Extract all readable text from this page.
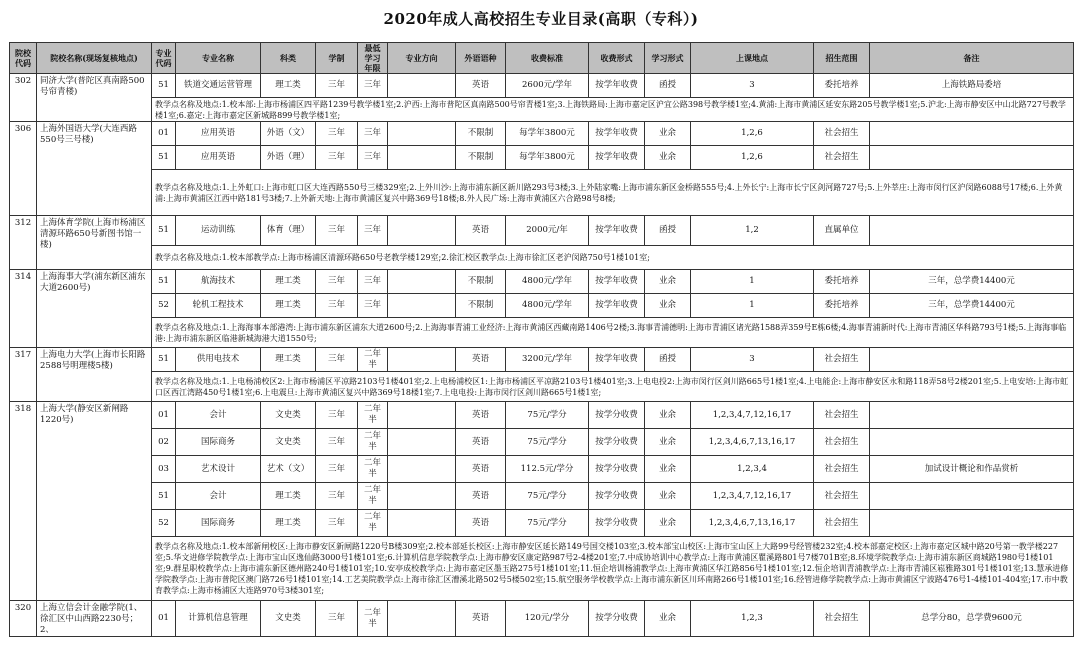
2020年成人高校招生专业目录(高职（专科）)
院校代码	院校名称(现场复核地点)	专业代码	专业名称	科类	学制	最低学习年限	专业方向	外语语种	收费标准	收费形式	学习形式	上课地点	招生范围	备注
302	同济大学(普陀区真南路500号帘青楼)	51	铁道交通运营管理	理工类	三年	三年		英语	2600元/学年	按学年收费	函授	3	委托培养	上海铁路局委培
		教学点名称及地点:1.校本部:上海市杨浦区四平路1239号教学楼1室;2.沪西:上海市普陀区真南路500号帘青楼1室;3.上海铁路局:上海市嘉定区沪宜公路398号教学楼1室;4.黄浦:上海市黄浦区延安东路205号教学楼1室;5.沪北:上海市静安区中山北路727号教学楼1室;6.嘉定:上海市嘉定区新城路899号教学楼1室;												
306	上海外国语大学(大连西路550号三号楼)	01	应用英语	外语（文）	三年	三年		不限制	每学年3800元	按学年收费	业余	1,2,6	社会招生	
		51	应用英语	外语（理）	三年	三年		不限制	每学年3800元	按学年收费	业余	1,2,6	社会招生	
		教学点名称及地点:1.上外虹口:上海市虹口区大连西路550号三楼329室;2.上外川沙:上海市浦东新区新川路293号3楼;3.上外陆家嘴:上海市浦东新区金桥路555号;4.上外长宁:上海市长宁区剑河路727号;5.上外莘庄:上海市闵行区沪闵路6088号17楼;6.上外黄浦:上海市黄浦区江西中路181号3楼;7.上外新天地:上海市黄浦区复兴中路369号18楼;8.外人民广场:上海市黄浦区六合路98号8楼;												
312	上海体育学院(上海市杨浦区清源环路650号新图书馆一楼)	51	运动训练	体育（理）	三年	三年		英语	2000元/年	按学年收费	函授	1,2	直属单位	
		教学点名称及地点:1.校本部教学点:上海市杨浦区清源环路650号老教学楼129室;2.徐汇校区教学点:上海市徐汇区老沪闵路750号1楼101室;												
314	上海海事大学(浦东新区浦东大道2600号)	51	航海技术	理工类	三年	三年		不限制	4800元/学年	按学年收费	业余	1	委托培养	三年，总学费14400元
		52	轮机工程技术	理工类	三年	三年		不限制	4800元/学年	按学年收费	业余	1	委托培养	三年，总学费14400元
		教学点名称及地点:1.上海海事本部港湾:上海市浦东新区浦东大道2600号;2.上海海事青浦工业经济:上海市黄浦区西藏南路1406号2楼;3.海事青浦德明:上海市青浦区诸光路1588弄359号E栋6楼;4.海事青浦新时代:上海市青浦区华科路793号1楼;5.上海海事临港:上海市浦东新区临港新城海港大道1550号;												
317	上海电力大学(上海市长阳路2588号明理楼5楼)	51	供用电技术	理工类	三年	二年半		英语	3200元/学年	按学年收费	函授	3	社会招生	
		教学点名称及地点:1.上电杨浦校区2:上海市杨浦区平凉路2103号1楼401室;2.上电杨浦校区1:上海市杨浦区平凉路2103号1楼401室;3.上电电投2:上海市闵行区剑川路665号1楼1室;4.上电能企:上海市静安区永和路118弄58号2楼201室;5.上电安培:上海市虹口区西江湾路450号1楼1室;6.上电震旦:上海市黄浦区复兴中路369号18楼1室;7.上电电投:上海市闵行区剑川路665号1楼1室;												
318	上海大学(静安区新闸路1220号)	01	会计	文史类	三年	二年半		英语	75元/学分	按学分收费	业余	1,2,3,4,7,12,16,17	社会招生	
		02	国际商务	文史类	三年	二年半		英语	75元/学分	按学分收费	业余	1,2,3,4,6,7,13,16,17	社会招生	
		03	艺术设计	艺术（文）	三年	二年半		英语	112.5元/学分	按学分收费	业余	1,2,3,4	社会招生	加试设计概论和作品赏析
		51	会计	理工类	三年	二年半		英语	75元/学分	按学分收费	业余	1,2,3,4,7,12,16,17	社会招生	
		52	国际商务	理工类	三年	二年半		英语	75元/学分	按学分收费	业余	1,2,3,4,6,7,13,16,17	社会招生	
		教学点名称及地点:1.校本部新闸校区:上海市静安区新闸路1220号B楼309室;2.校本部延长校区:上海市静安区延长路149号国交楼103室;3.校本部宝山校区:上海市宝山区上大路99号经管楼232室;4.校本部嘉定校区:上海市嘉定区城中路20号第一教学楼227室;5.华文进修学院教学点:上海市宝山区逸仙路3000号1楼101室;6.计算机信息学院教学点:上海市静安区康定路987号2-4楼201室;7.中成协培训中心教学点:上海市黄浦区瞿溪路801号7楼701B室;8.环境学院教学点:上海市浦东新区商城路1980号1楼101室;9.群星职校教学点:上海市浦东新区德州路240号1楼101室;10.安亭成校教学点:上海市嘉定区墨玉路275号1楼101室;11.恒企培训杨浦教学点:上海市黄浦区华江路856号1楼101室;12.恒企培训青浦教学点:上海市青浦区崧雅路301号1楼101室;13.慧承进修学院教学点:上海市普陀区澳门路726号1楼101室;14.工艺美院教学点:上海市徐汇区漕溪北路502号5楼502室;15.航空服务学校教学点:上海市浦东新区川环南路266号1楼101室;16.经管进修学院教学点:上海市黄浦区宁波路476号1-4楼101-404室;17.市中教育教学点:上海市杨浦区大连路970号3楼301室;												
320	上海立信会计金融学院(1、徐汇区中山西路2230号；2、	01	计算机信息管理	文史类	三年	二年半		英语	120元/学分	按学分收费	业余	1,2,3	社会招生	总学分80，总学费9600元
